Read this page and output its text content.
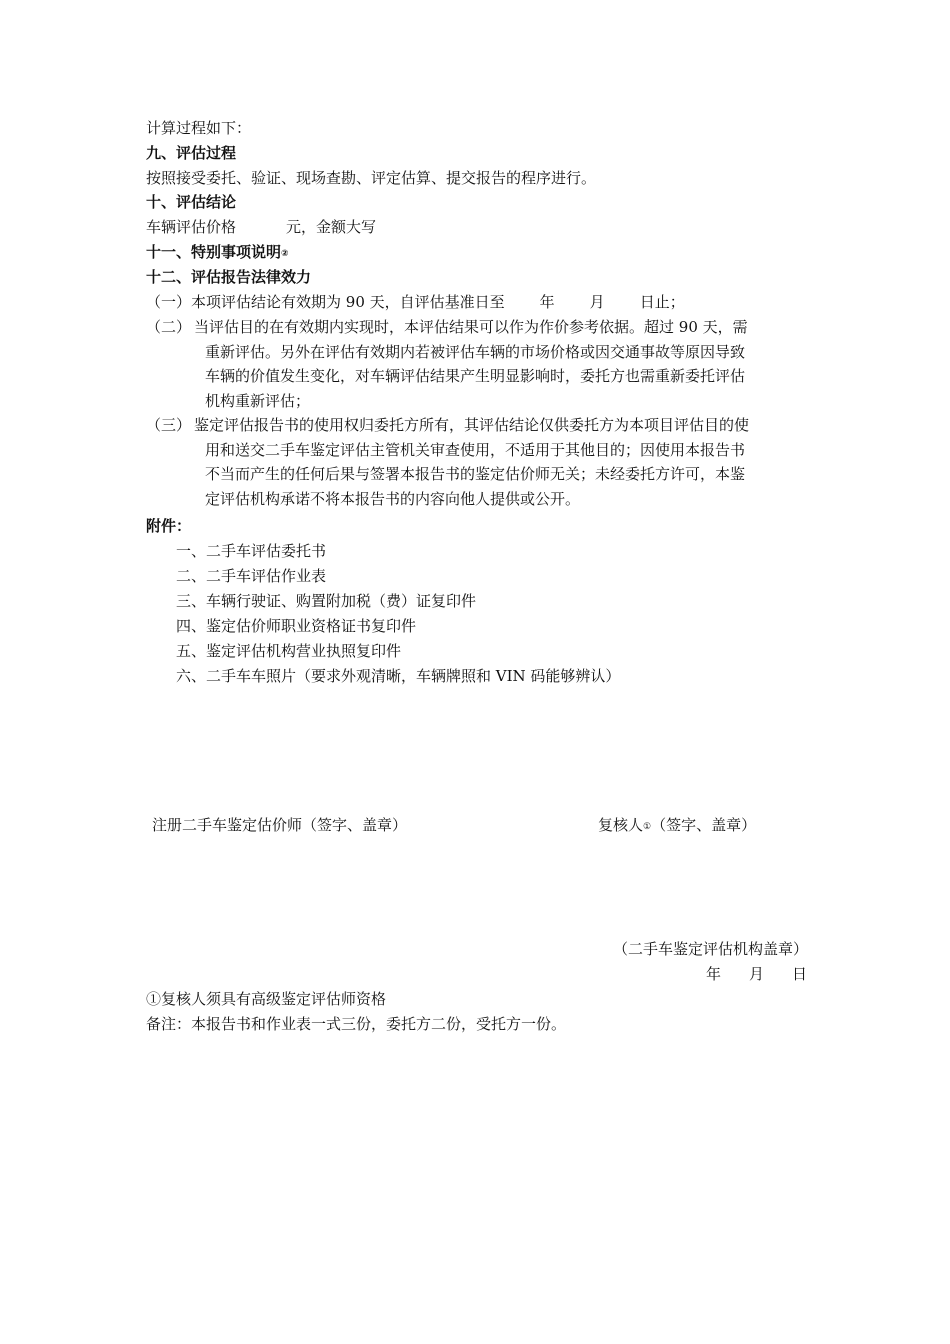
计算过程如下：
九、评估过程
按照接受委托、验证、现场查勘、评定估算、提交报告的程序进行。
十、评估结论
车辆评估价格	元，金额大写
十一、特别事项说明②
十二、评估报告法律效力
（一）本项评估结论有效期为 90 天，自评估基准日至 年 月 日止；
（二） 当评估目的在有效期内实现时，本评估结果可以作为作价参考依据。超过 90 天，需
重新评估。另外在评估有效期内若被评估车辆的市场价格或因交通事故等原因导致
车辆的价值发生变化，对车辆评估结果产生明显影响时，委托方也需重新委托评估
机构重新评估；
（三） 鉴定评估报告书的使用权归委托方所有，其评估结论仅供委托方为本项目评估目的使
用和送交二手车鉴定评估主管机关审查使用，不适用于其他目的；因使用本报告书
不当而产生的任何后果与签署本报告书的鉴定估价师无关；未经委托方许可，本鉴
定评估机构承诺不将本报告书的内容向他人提供或公开。
附件：
一、二手车评估委托书
二、二手车评估作业表
三、车辆行驶证、购置附加税（费）证复印件
四、鉴定估价师职业资格证书复印件
五、鉴定评估机构营业执照复印件
六、二手车车照片（要求外观清晰，车辆牌照和 VIN 码能够辨认）
注册二手车鉴定估价师（签字、盖章）	复核人①（签字、盖章）
（二手车鉴定评估机构盖章）
年 月 日
①复核人须具有高级鉴定评估师资格
备注：本报告书和作业表一式三份，委托方二份，受托方一份。
